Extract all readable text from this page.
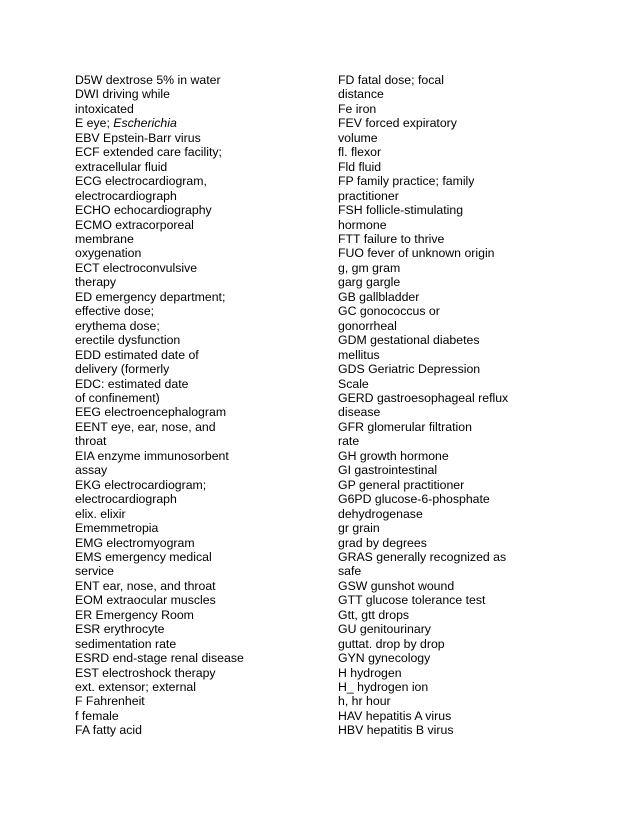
D5W dextrose 5% in water
DWI driving while
intoxicated
E eye; Escherichia
EBV Epstein-Barr virus
ECF extended care facility;
extracellular fluid
ECG electrocardiogram,
electrocardiograph
ECHO echocardiography
ECMO extracorporeal
membrane
oxygenation
ECT electroconvulsive
therapy
ED emergency department;
effective dose;
erythema dose;
erectile dysfunction
EDD estimated date of
delivery (formerly
EDC: estimated date
of confinement)
EEG electroencephalogram
EENT eye, ear, nose, and
throat
EIA enzyme immunosorbent
assay
EKG electrocardiogram;
electrocardiograph
elix. elixir
Ememmetropia
EMG electromyogram
EMS emergency medical
service
ENT ear, nose, and throat
EOM extraocular muscles
ER Emergency Room
ESR erythrocyte
sedimentation rate
ESRD end-stage renal disease
EST electroshock therapy
ext. extensor; external
F Fahrenheit
f female
FA fatty acid
FD fatal dose; focal
distance
Fe iron
FEV forced expiratory
volume
fl. flexor
Fld fluid
FP family practice; family
practitioner
FSH follicle-stimulating
hormone
FTT failure to thrive
FUO fever of unknown origin
g, gm gram
garg gargle
GB gallbladder
GC gonococcus or
gonorrheal
GDM gestational diabetes
mellitus
GDS Geriatric Depression
Scale
GERD gastroesophageal reflux
disease
GFR glomerular filtration
rate
GH growth hormone
GI gastrointestinal
GP general practitioner
G6PD glucose-6-phosphate
dehydrogenase
gr grain
grad by degrees
GRAS generally recognized as
safe
GSW gunshot wound
GTT glucose tolerance test
Gtt, gtt drops
GU genitourinary
guttat. drop by drop
GYN gynecology
H hydrogen
H_ hydrogen ion
h, hr hour
HAV hepatitis A virus
HBV hepatitis B virus
